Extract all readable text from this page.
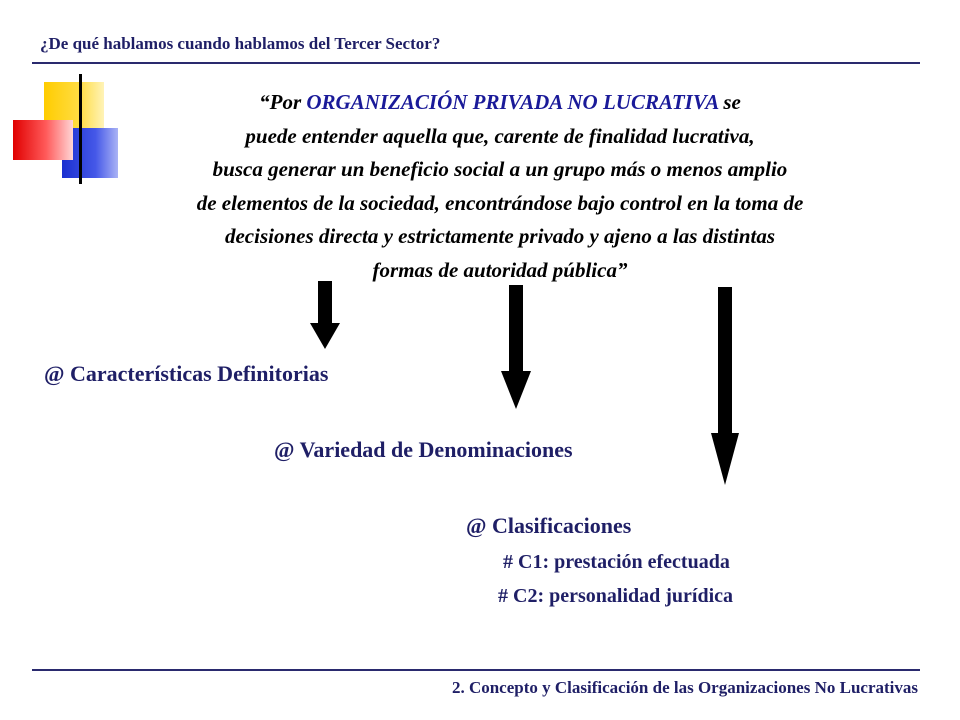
¿De qué hablamos cuando hablamos del Tercer Sector?
“Por ORGANIZACIÓN PRIVADA NO LUCRATIVA se
puede entender aquella que, carente de finalidad lucrativa,
busca generar un beneficio social a un grupo más o menos amplio
de elementos de la sociedad, encontrándose bajo control en la toma de
decisiones directa y estrictamente privado y ajeno a las distintas
formas de autoridad pública”
@ Características Definitorias
@ Variedad de Denominaciones
@ Clasificaciones
# C1: prestación efectuada
# C2: personalidad jurídica
2. Concepto y Clasificación de las Organizaciones No Lucrativas
